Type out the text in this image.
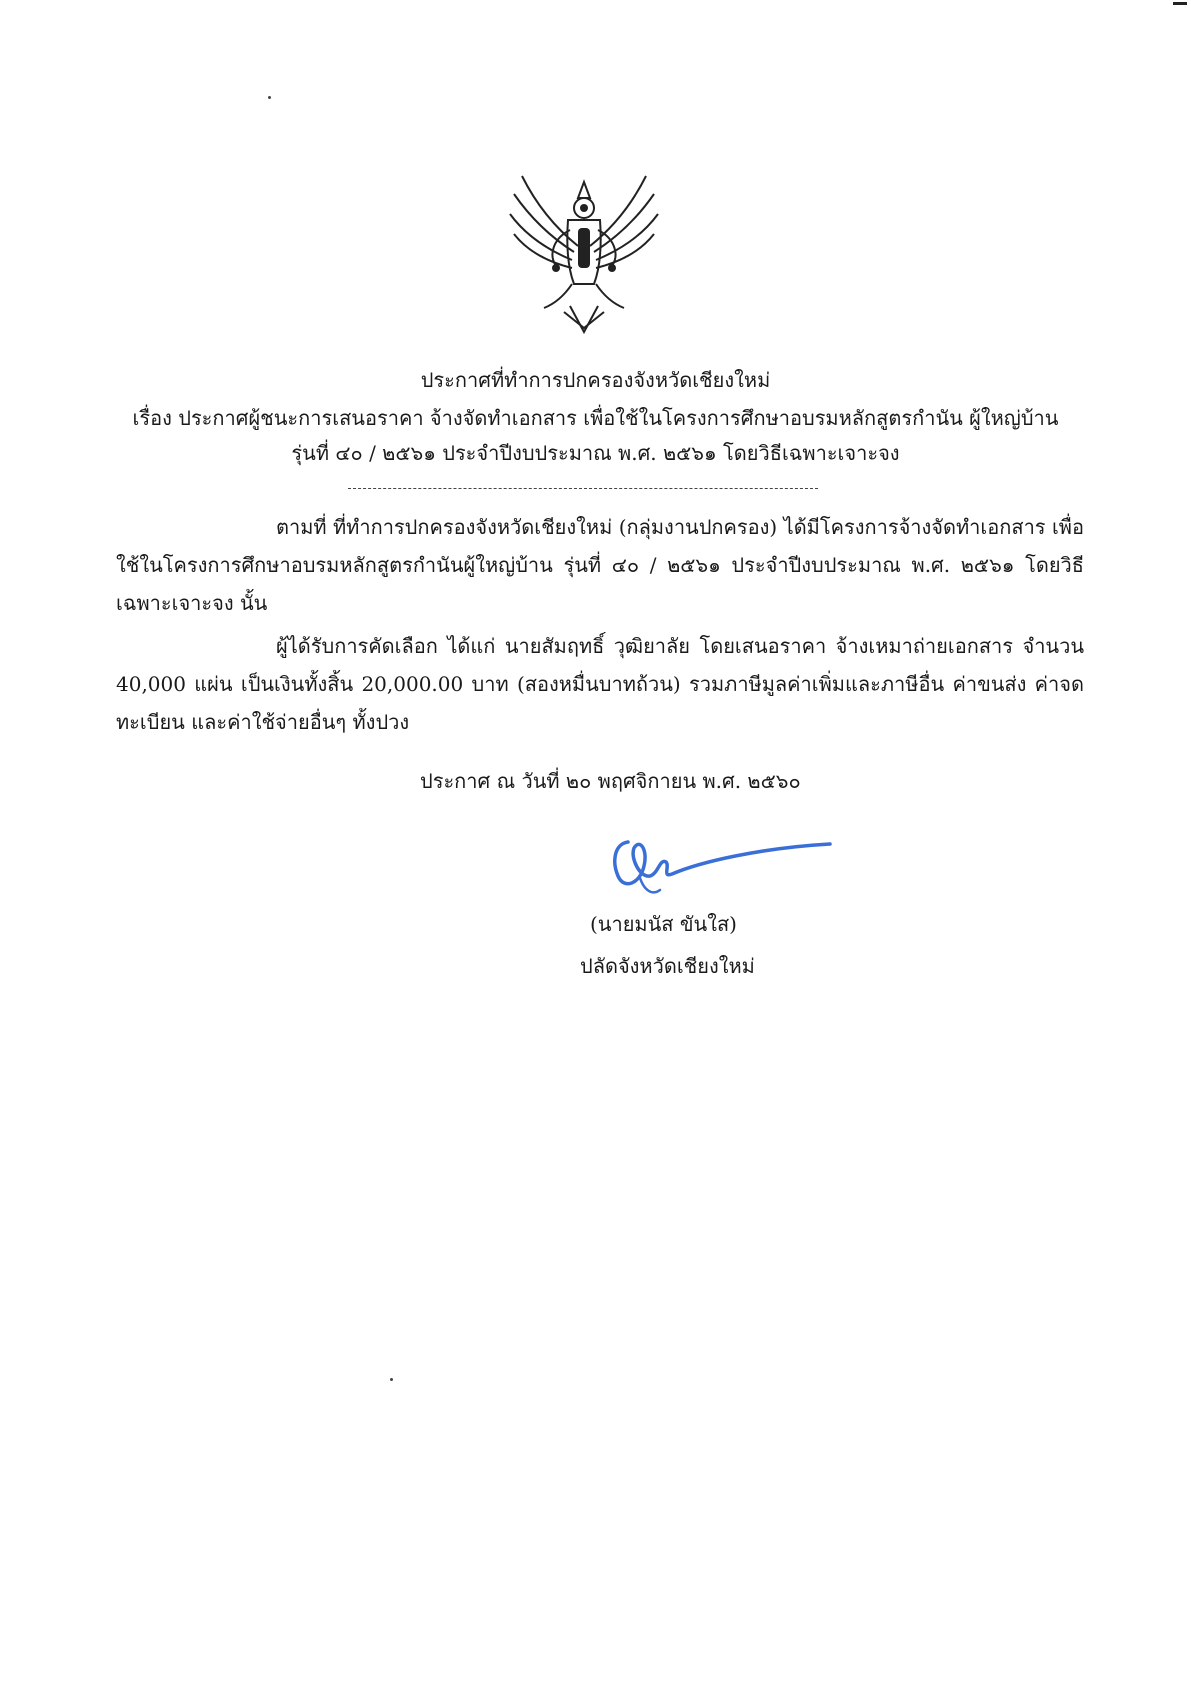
ประกาศที่ทำการปกครองจังหวัดเชียงใหม่
เรื่อง ประกาศผู้ชนะการเสนอราคา จ้างจัดทำเอกสาร เพื่อใช้ในโครงการศึกษาอบรมหลักสูตรกำนัน ผู้ใหญ่บ้าน
รุ่นที่ ๔๐ / ๒๕๖๑ ประจำปีงบประมาณ พ.ศ. ๒๕๖๑ โดยวิธีเฉพาะเจาะจง
ตามที่ ที่ทำการปกครองจังหวัดเชียงใหม่ (กลุ่มงานปกครอง) ได้มีโครงการจ้างจัดทำเอกสาร เพื่อใช้ในโครงการศึกษาอบรมหลักสูตรกำนันผู้ใหญ่บ้าน รุ่นที่ ๔๐ / ๒๕๖๑ ประจำปีงบประมาณ พ.ศ. ๒๕๖๑ โดยวิธีเฉพาะเจาะจง นั้น
ผู้ได้รับการคัดเลือก ได้แก่ นายสัมฤทธิ์ วุฒิยาลัย โดยเสนอราคา จ้างเหมาถ่ายเอกสาร จำนวน 40,000 แผ่น เป็นเงินทั้งสิ้น 20,000.00 บาท (สองหมื่นบาทถ้วน) รวมภาษีมูลค่าเพิ่มและภาษีอื่น ค่าขนส่ง ค่าจดทะเบียน และค่าใช้จ่ายอื่นๆ ทั้งปวง
ประกาศ ณ วันที่ ๒๐ พฤศจิกายน พ.ศ. ๒๕๖๐
(นายมนัส ขันใส)
ปลัดจังหวัดเชียงใหม่
